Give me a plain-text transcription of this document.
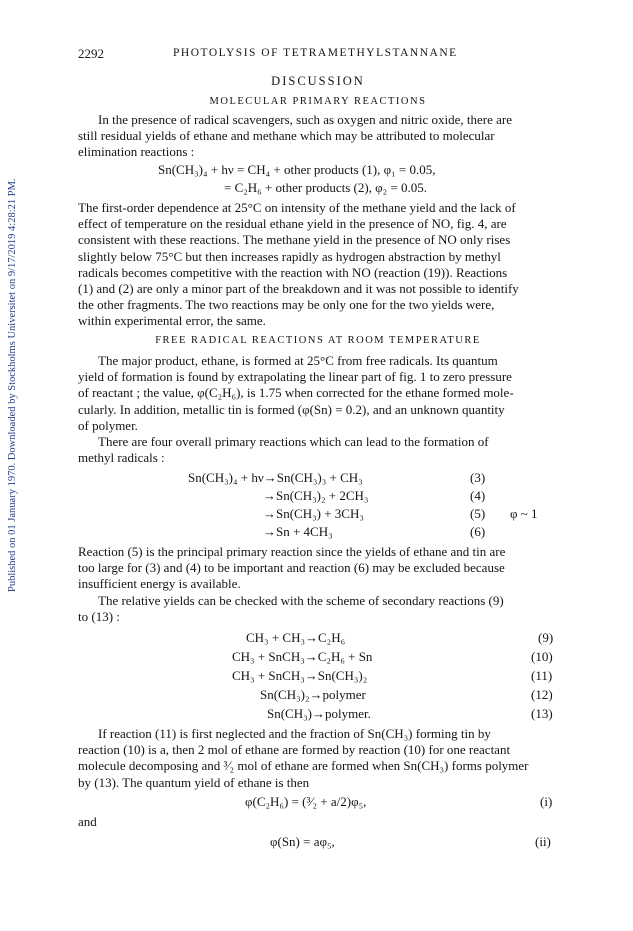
Published on 01 January 1970. Downloaded by Stockholms Universitet on 9/17/2019 4:28:21 PM.
2292	PHOTOLYSIS OF TETRAMETHYLSTANNANE
DISCUSSION
MOLECULAR PRIMARY REACTIONS
In the presence of radical scavengers, such as oxygen and nitric oxide, there are
still residual yields of ethane and methane which may be attributed to molecular
elimination reactions :
Sn(CH₃)₄ + hν = CH₄ + other products (1), φ₁ = 0.05,
= C₂H₆ + other products (2), φ₂ = 0.05.
The first-order dependence at 25°C on intensity of the methane yield and the lack of
effect of temperature on the residual ethane yield in the presence of NO, fig. 4, are
consistent with these reactions. The methane yield in the presence of NO only rises
slightly below 75°C but then increases rapidly as hydrogen abstraction by methyl
radicals becomes competitive with the reaction with NO (reaction (19)). Reactions
(1) and (2) are only a minor part of the breakdown and it was not possible to identify
the other fragments. The two reactions may be only one for the two yields were,
within experimental error, the same.
FREE RADICAL REACTIONS AT ROOM TEMPERATURE
The major product, ethane, is formed at 25°C from free radicals. Its quantum
yield of formation is found by extrapolating the linear part of fig. 1 to zero pressure
of reactant ; the value, φ(C₂H₆), is 1.75 when corrected for the ethane formed mole-
cularly. In addition, metallic tin is formed (φ(Sn) = 0.2), and an unknown quantity
of polymer.
There are four overall primary reactions which can lead to the formation of
methyl radicals :
Sn(CH₃)₄ + hν→Sn(CH₃)₃ + CH₃	(3)
→Sn(CH₃)₂ + 2CH₃	(4)
→Sn(CH₃) + 3CH₃	(5) φ ~ 1
→Sn + 4CH₃	(6)
Reaction (5) is the principal primary reaction since the yields of ethane and tin are
too large for (3) and (4) to be important and reaction (6) may be excluded because
insufficient energy is available.
The relative yields can be checked with the scheme of secondary reactions (9)
to (13) :
CH₃ + CH₃→C₂H₆	(9)
CH₃ + SnCH₃→C₂H₆ + Sn	(10)
CH₃ + SnCH₃→Sn(CH₃)₂	(11)
Sn(CH₃)₂→polymer	(12)
Sn(CH₃)→polymer.	(13)
If reaction (11) is first neglected and the fraction of Sn(CH₃) forming tin by
reaction (10) is a, then 2 mol of ethane are formed by reaction (10) for one reactant
molecule decomposing and ³⁄₂ mol of ethane are formed when Sn(CH₃) forms polymer
by (13). The quantum yield of ethane is then
φ(C₂H₆) = (³⁄₂ + a/2)φ₅,	(i)
and
φ(Sn) = aφ₅,	(ii)
